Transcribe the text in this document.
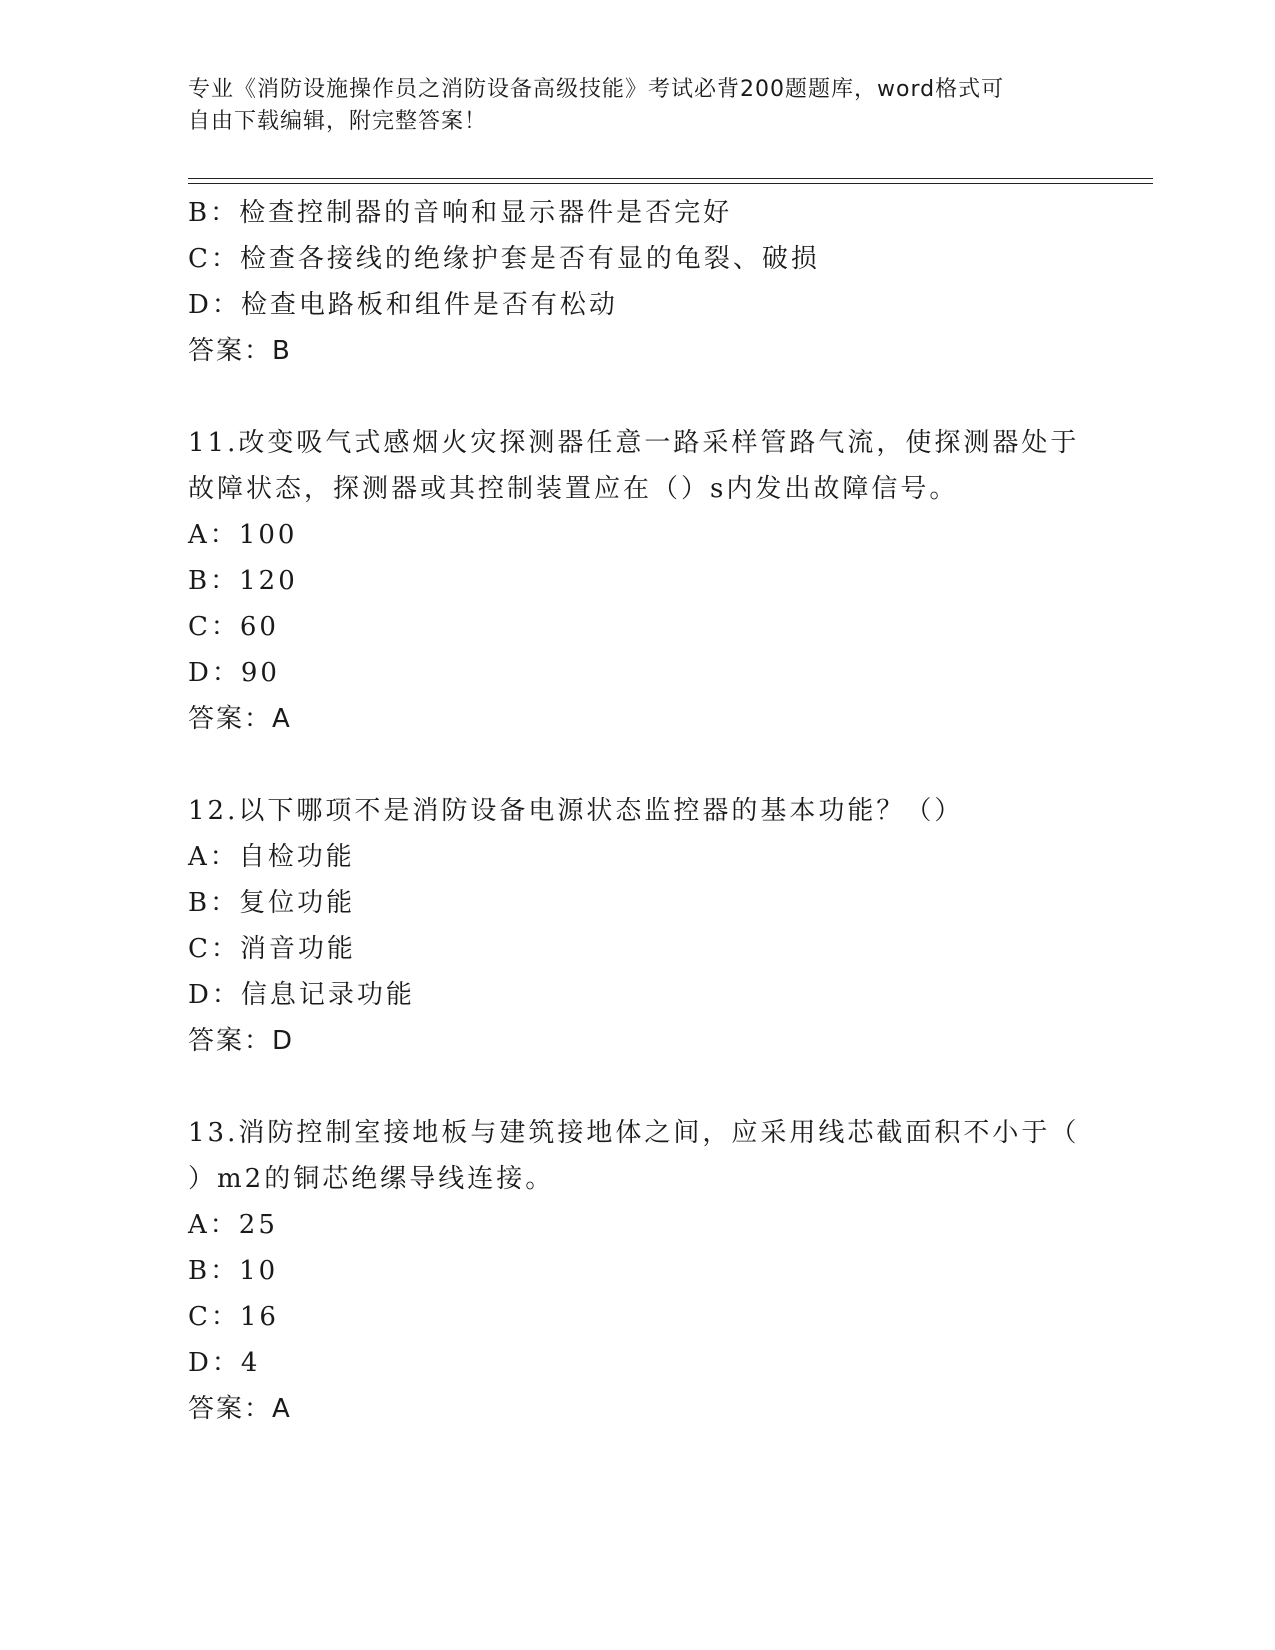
专业《消防设施操作员之消防设备高级技能》考试必背200题题库，word格式可
自由下载编辑，附完整答案！
B：检查控制器的音响和显示器件是否完好
C：检查各接线的绝缘护套是否有显的龟裂、破损
D：检查电路板和组件是否有松动
答案：B
11.改变吸气式感烟火灾探测器任意一路采样管路气流，使探测器处于
故障状态，探测器或其控制装置应在（）s内发出故障信号。
A：100
B：120
C：60
D：90
答案：A
12.以下哪项不是消防设备电源状态监控器的基本功能？（）
A：自检功能
B：复位功能
C：消音功能
D：信息记录功能
答案：D
13.消防控制室接地板与建筑接地体之间，应采用线芯截面积不小于（
）m2的铜芯绝缧导线连接。
A：25
B：10
C：16
D：4
答案：A
